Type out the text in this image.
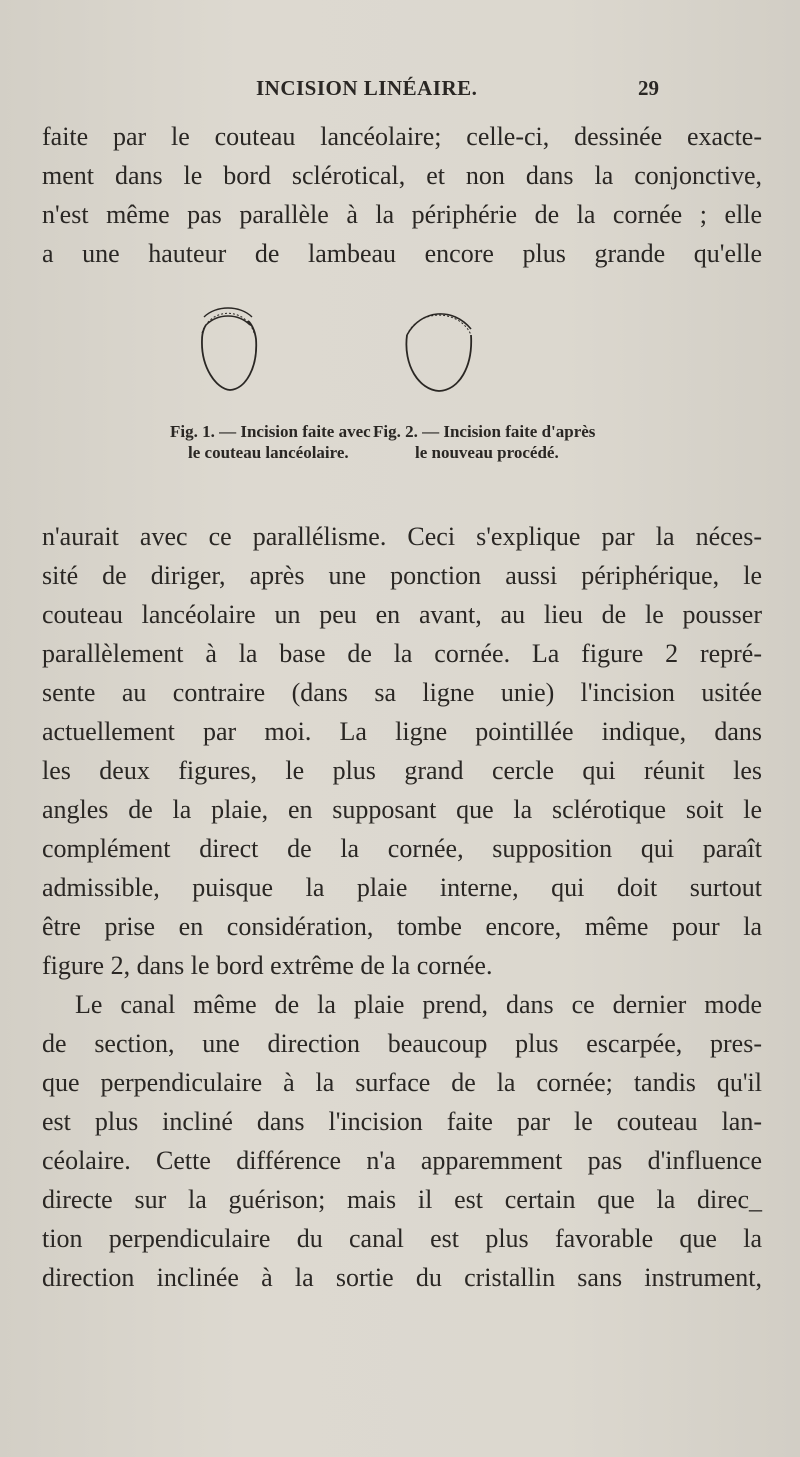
INCISION LINÉAIRE.	29
faite par le couteau lancéolaire; celle-ci, dessinée exacte-
ment dans le bord sclérotical, et non dans la conjonctive,
n'est même pas parallèle à la périphérie de la cornée ; elle
a une hauteur de lambeau encore plus grande qu'elle
Fig. 1. — Incision faite avec
le couteau lancéolaire.
Fig. 2. — Incision faite d'après
le nouveau procédé.
n'aurait avec ce parallélisme. Ceci s'explique par la néces-
sité de diriger, après une ponction aussi périphérique, le
couteau lancéolaire un peu en avant, au lieu de le pousser
parallèlement à la base de la cornée. La figure 2 repré-
sente au contraire (dans sa ligne unie) l'incision usitée
actuellement par moi. La ligne pointillée indique, dans
les deux figures, le plus grand cercle qui réunit les
angles de la plaie, en supposant que la sclérotique soit le
complément direct de la cornée, supposition qui paraît
admissible, puisque la plaie interne, qui doit surtout
être prise en considération, tombe encore, même pour la
figure 2, dans le bord extrême de la cornée.
Le canal même de la plaie prend, dans ce dernier mode
de section, une direction beaucoup plus escarpée, pres-
que perpendiculaire à la surface de la cornée; tandis qu'il
est plus incliné dans l'incision faite par le couteau lan-
céolaire. Cette différence n'a apparemment pas d'influence
directe sur la guérison; mais il est certain que la direc_
tion perpendiculaire du canal est plus favorable que la
direction inclinée à la sortie du cristallin sans instrument,
